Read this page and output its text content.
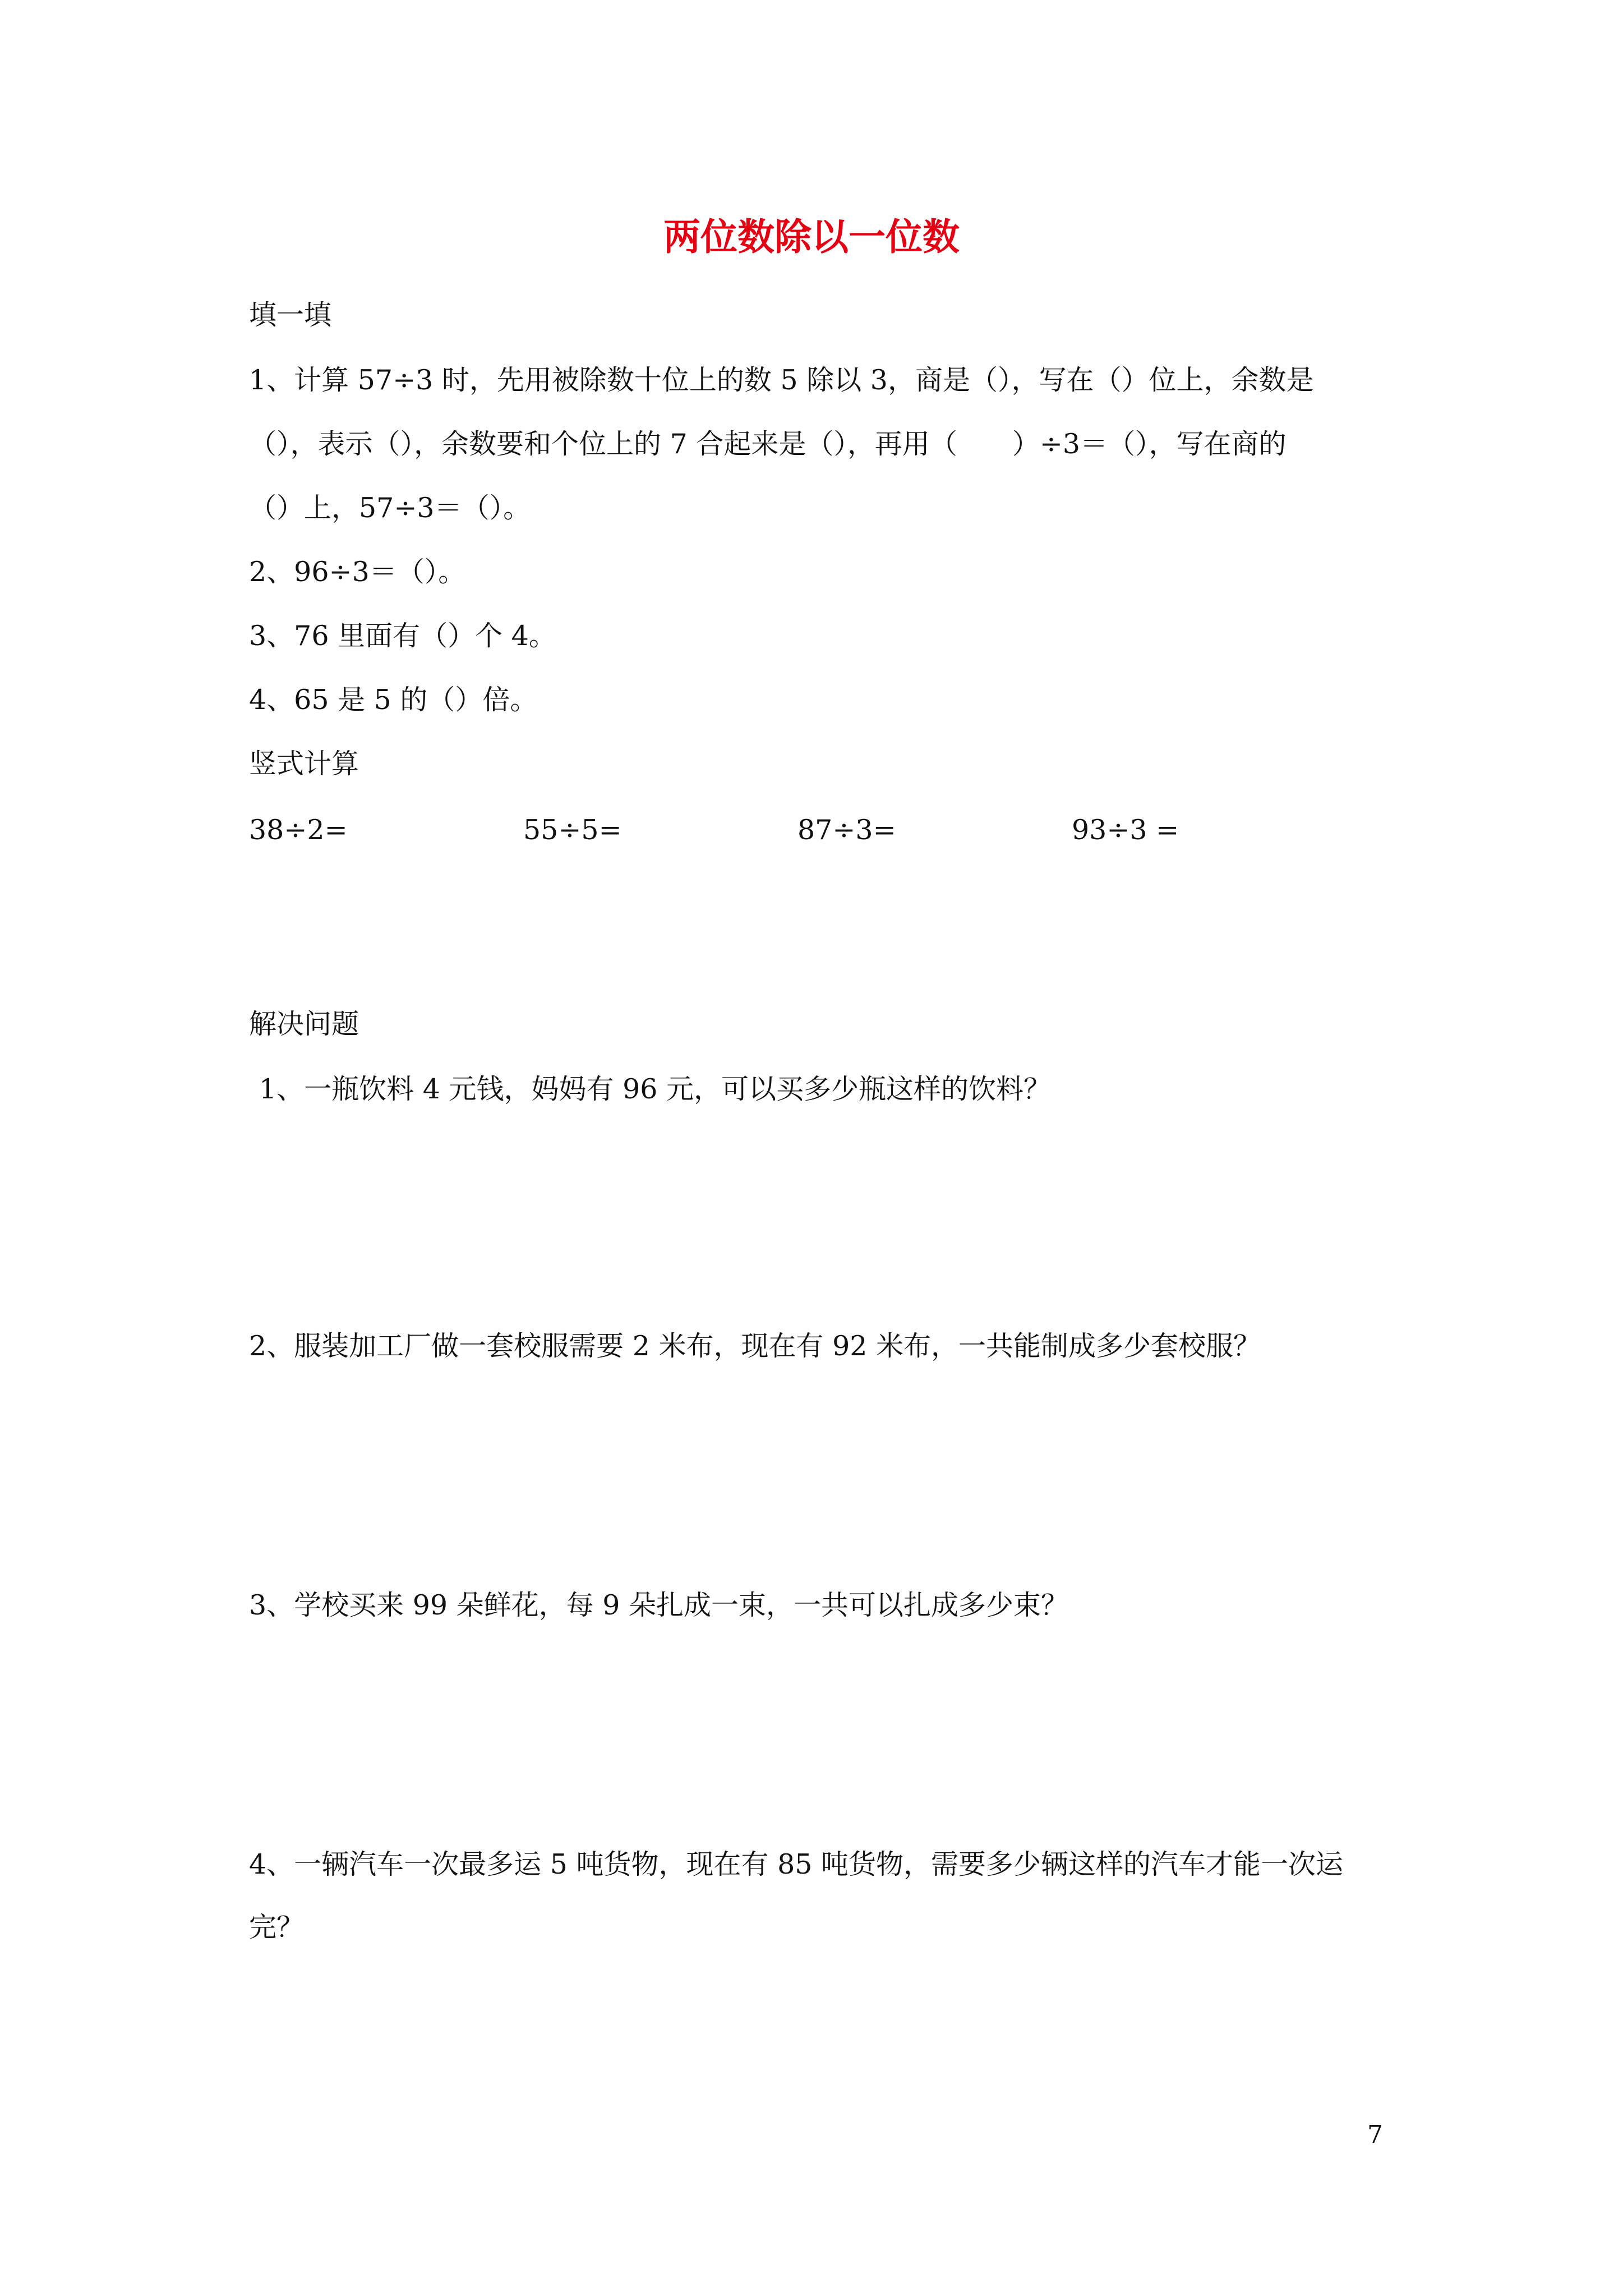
两位数除以一位数
填一填
1、计算 57÷3 时，先用被除数十位上的数 5 除以 3，商是（），写在（）位上，余数是
（），表示（），余数要和个位上的 7 合起来是（），再用（　　）÷3＝（），写在商的
（）上，57÷3＝（）。
2、96÷3＝（）。
3、76 里面有（）个 4。
4、65 是 5 的（）倍。
竖式计算
38÷2=	55÷5=	87÷3=	93÷3 =
解决问题
1、一瓶饮料 4 元钱，妈妈有 96 元，可以买多少瓶这样的饮料？
2、服装加工厂做一套校服需要 2 米布，现在有 92 米布，一共能制成多少套校服？
3、学校买来 99 朵鲜花，每 9 朵扎成一束，一共可以扎成多少束？
4、一辆汽车一次最多运 5 吨货物，现在有 85 吨货物，需要多少辆这样的汽车才能一次运
完？
7
